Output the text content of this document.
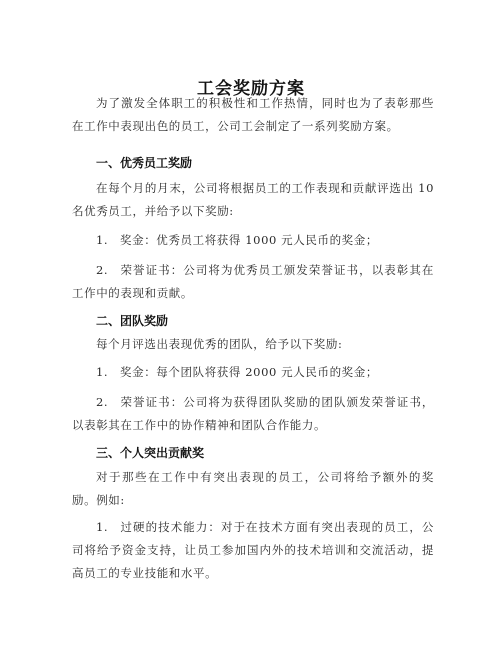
工会奖励方案
为了激发全体职工的积极性和工作热情，同时也为了表彰那些在工作中表现出色的员工，公司工会制定了一系列奖励方案。
一、优秀员工奖励
在每个月的月末，公司将根据员工的工作表现和贡献评选出 10 名优秀员工，并给予以下奖励:
1. 奖金：优秀员工将获得 1000 元人民币的奖金；
2. 荣誉证书：公司将为优秀员工颁发荣誉证书，以表彰其在工作中的表现和贡献。
二、团队奖励
每个月评选出表现优秀的团队，给予以下奖励:
1. 奖金：每个团队将获得 2000 元人民币的奖金；
2. 荣誉证书：公司将为获得团队奖励的团队颁发荣誉证书，以表彰其在工作中的协作精神和团队合作能力。
三、个人突出贡献奖
对于那些在工作中有突出表现的员工，公司将给予额外的奖励。例如:
1. 过硬的技术能力：对于在技术方面有突出表现的员工，公司将给予资金支持，让员工参加国内外的技术培训和交流活动，提高员工的专业技能和水平。
